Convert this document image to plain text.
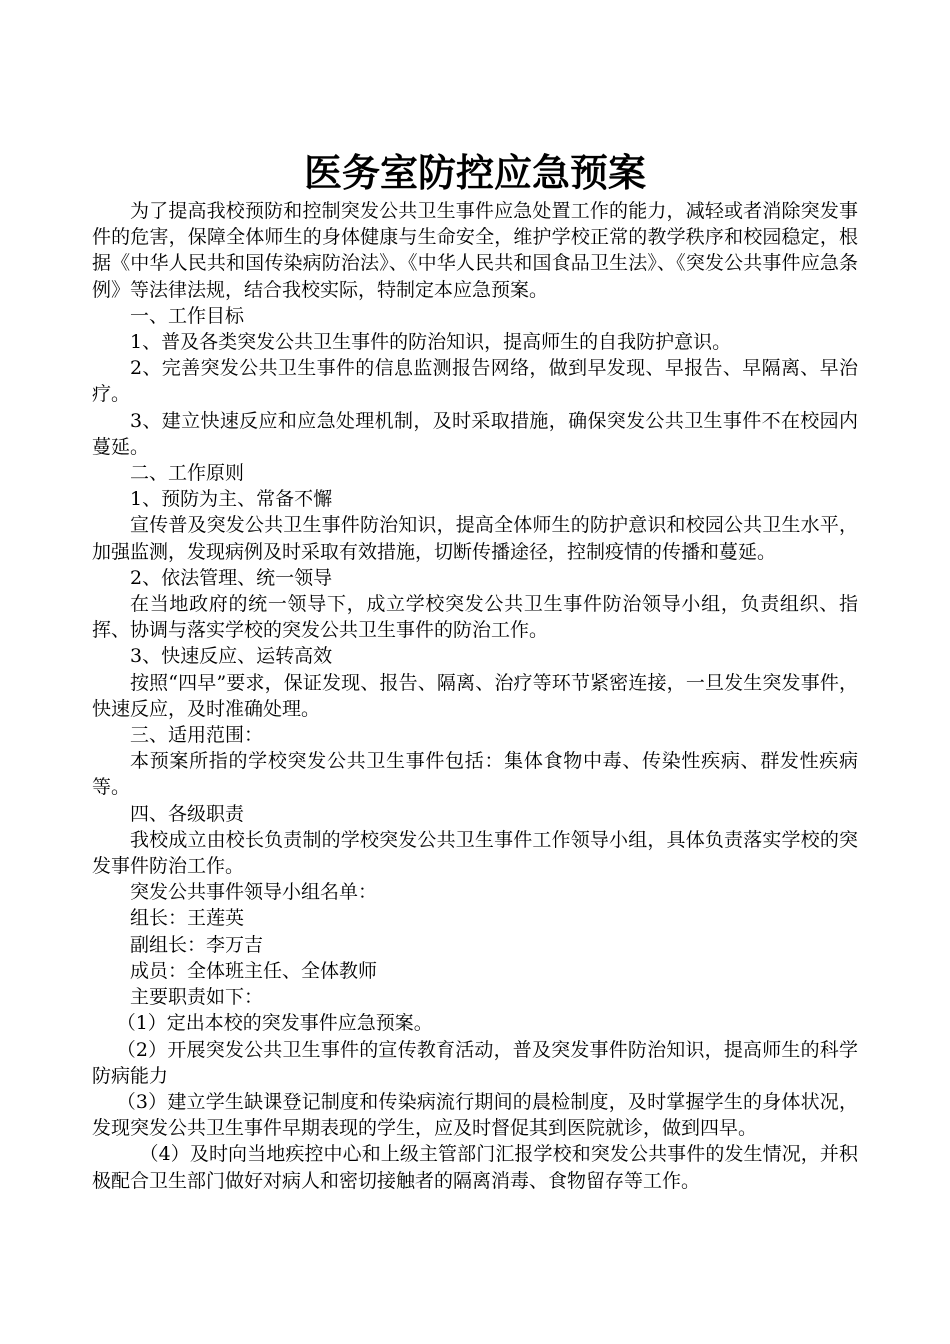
医务室防控应急预案

为了提高我校预防和控制突发公共卫生事件应急处置工作的能力，减轻或者消除突发事件的危害，保障全体师生的身体健康与生命安全，维护学校正常的教学秩序和校园稳定，根据《中华人民共和国传染病防治法》、《中华人民共和国食品卫生法》、《突发公共事件应急条例》等法律法规，结合我校实际，特制定本应急预案。

一、工作目标

1、普及各类突发公共卫生事件的防治知识，提高师生的自我防护意识。

2、完善突发公共卫生事件的信息监测报告网络，做到早发现、早报告、早隔离、早治疗。

3、建立快速反应和应急处理机制，及时采取措施，确保突发公共卫生事件不在校园内蔓延。

二、工作原则

1、预防为主、常备不懈

宣传普及突发公共卫生事件防治知识，提高全体师生的防护意识和校园公共卫生水平，加强监测，发现病例及时采取有效措施，切断传播途径，控制疫情的传播和蔓延。

2、依法管理、统一领导

在当地政府的统一领导下，成立学校突发公共卫生事件防治领导小组，负责组织、指挥、协调与落实学校的突发公共卫生事件的防治工作。

3、快速反应、运转高效

按照“四早”要求，保证发现、报告、隔离、治疗等环节紧密连接，一旦发生突发事件，快速反应，及时准确处理。

三、适用范围：

本预案所指的学校突发公共卫生事件包括：集体食物中毒、传染性疾病、群发性疾病等。

四、各级职责

我校成立由校长负责制的学校突发公共卫生事件工作领导小组，具体负责落实学校的突发事件防治工作。

突发公共事件领导小组名单：

组长：王莲英

副组长：李万吉

成员：全体班主任、全体教师

主要职责如下：

（1）定出本校的突发事件应急预案。

（2）开展突发公共卫生事件的宣传教育活动，普及突发事件防治知识，提高师生的科学防病能力

（3）建立学生缺课登记制度和传染病流行期间的晨检制度，及时掌握学生的身体状况，发现突发公共卫生事件早期表现的学生，应及时督促其到医院就诊，做到四早。

（4）及时向当地疾控中心和上级主管部门汇报学校和突发公共事件的发生情况，并积极配合卫生部门做好对病人和密切接触者的隔离消毒、食物留存等工作。
